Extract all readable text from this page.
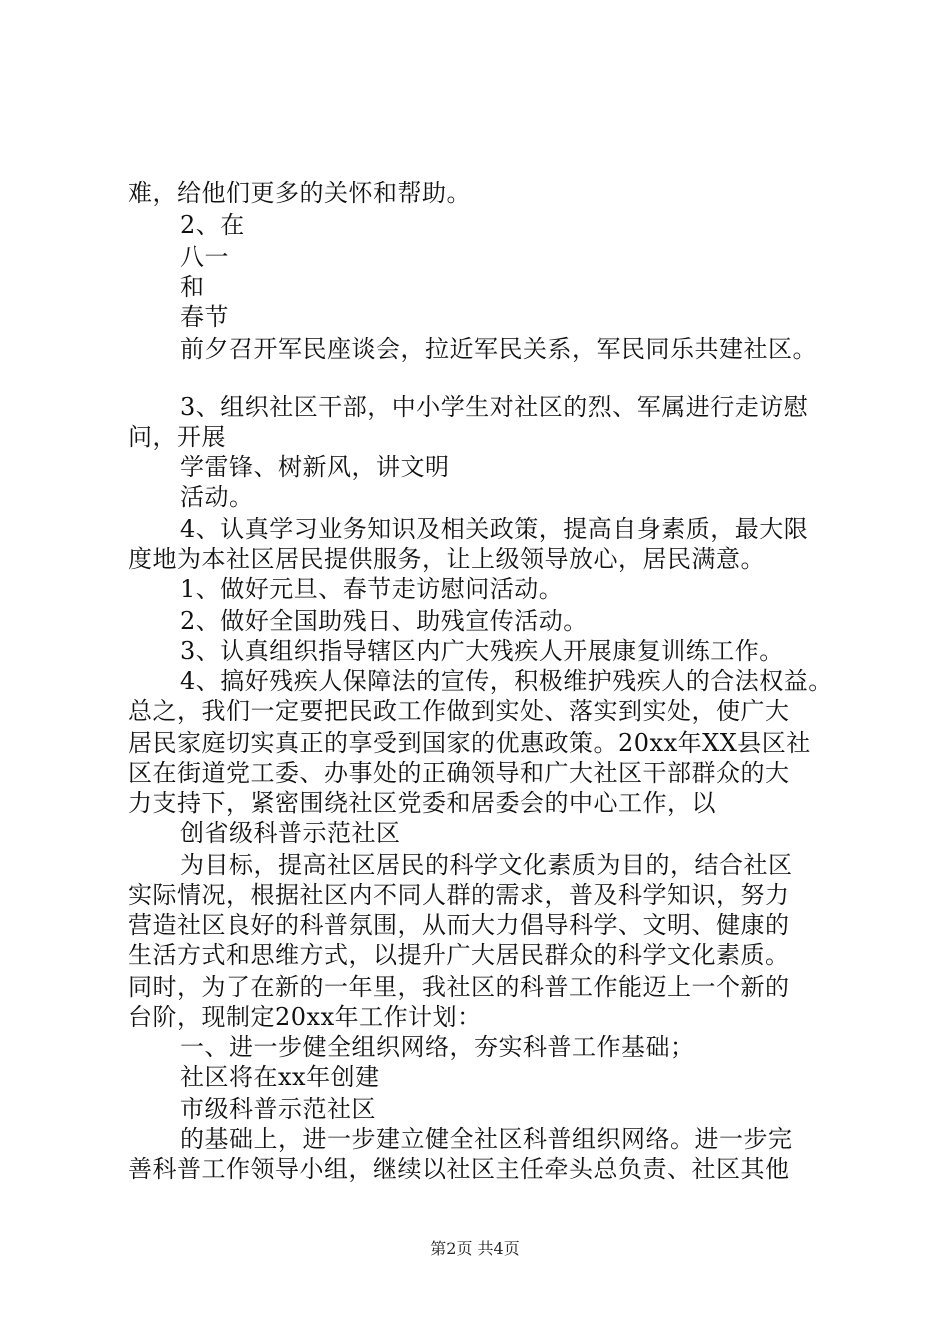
难，给他们更多的关怀和帮助。
2、在
八一
和
春节
前夕召开军民座谈会，拉近军民关系，军民同乐共建社区。
3、组织社区干部，中小学生对社区的烈、军属进行走访慰
问，开展
学雷锋、树新风，讲文明
活动。
4、认真学习业务知识及相关政策，提高自身素质，最大限
度地为本社区居民提供服务，让上级领导放心，居民满意。
1、做好元旦、春节走访慰问活动。
2、做好全国助残日、助残宣传活动。
3、认真组织指导辖区内广大残疾人开展康复训练工作。
4、搞好残疾人保障法的宣传，积极维护残疾人的合法权益。
总之，我们一定要把民政工作做到实处、落实到实处，使广大
居民家庭切实真正的享受到国家的优惠政策。20xx年XX县区社
区在街道党工委、办事处的正确领导和广大社区干部群众的大
力支持下，紧密围绕社区党委和居委会的中心工作，以
创省级科普示范社区
为目标，提高社区居民的科学文化素质为目的，结合社区
实际情况，根据社区内不同人群的需求，普及科学知识，努力
营造社区良好的科普氛围，从而大力倡导科学、文明、健康的
生活方式和思维方式，以提升广大居民群众的科学文化素质。
同时，为了在新的一年里，我社区的科普工作能迈上一个新的
台阶，现制定20xx年工作计划：
一、进一步健全组织网络，夯实科普工作基础；
社区将在xx年创建
市级科普示范社区
的基础上，进一步建立健全社区科普组织网络。进一步完
善科普工作领导小组，继续以社区主任牵头总负责、社区其他
第2页 共4页
